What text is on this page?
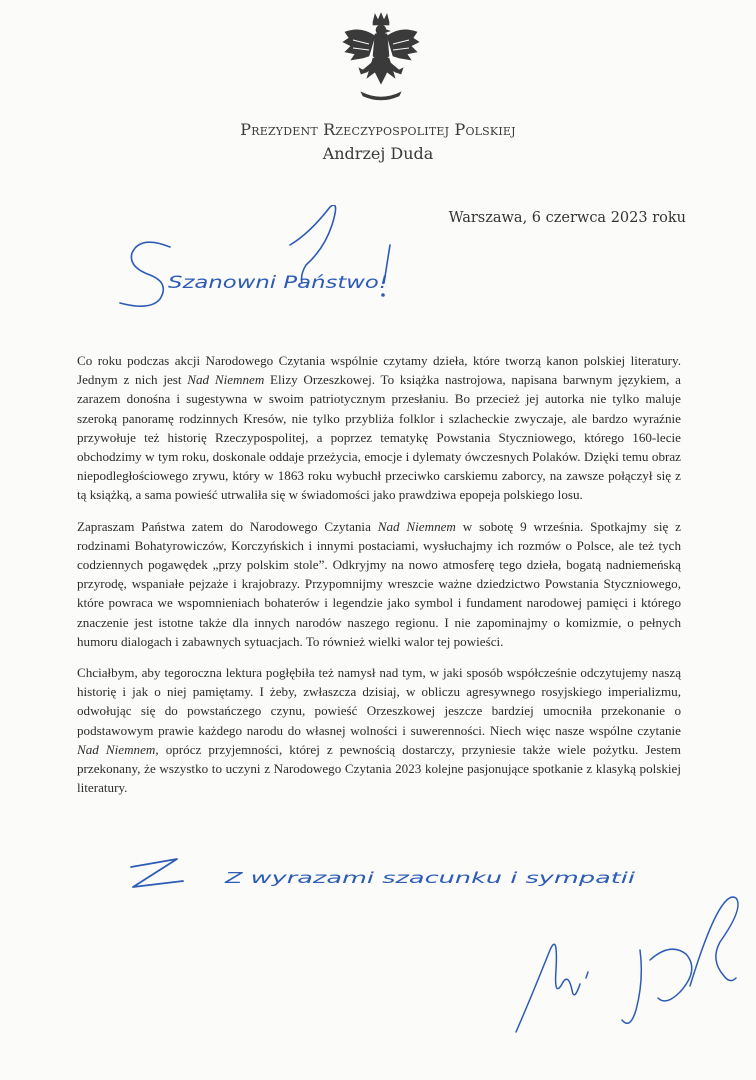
Prezydent Rzeczypospolitej Polskiej
Andrzej Duda
Warszawa, 6 czerwca 2023 roku
Szanowni Państwo!

Co roku podczas akcji Narodowego Czytania wspólnie czytamy dzieła, które tworzą kanon polskiej literatury. Jednym z nich jest Nad Niemnem Elizy Orzeszkowej. To książka nastrojowa, napisana barwnym językiem, a zarazem donośna i sugestywna w swoim patriotycznym przesłaniu. Bo przecież jej autorka nie tylko maluje szeroką panoramę rodzinnych Kresów, nie tylko przybliża folklor i szlacheckie zwyczaje, ale bardzo wyraźnie przywołuje też historię Rzeczypospolitej, a poprzez tematykę Powstania Styczniowego, którego 160-lecie obchodzimy w tym roku, doskonale oddaje przeżycia, emocje i dylematy ówczesnych Polaków. Dzięki temu obraz niepodległościowego zrywu, który w 1863 roku wybuchł przeciwko carskiemu zaborcy, na zawsze połączył się z tą książką, a sama powieść utrwaliła się w świadomości jako prawdziwa epopeja polskiego losu.

Zapraszam Państwa zatem do Narodowego Czytania Nad Niemnem w sobotę 9 września. Spotkajmy się z rodzinami Bohatyrowiczów, Korczyńskich i innymi postaciami, wysłuchajmy ich rozmów o Polsce, ale też tych codziennych pogawędek „przy polskim stole”. Odkryjmy na nowo atmosferę tego dzieła, bogatą nadniemeńską przyrodę, wspaniałe pejzaże i krajobrazy. Przypomnijmy wreszcie ważne dziedzictwo Powstania Styczniowego, które powraca we wspomnieniach bohaterów i legendzie jako symbol i fundament narodowej pamięci i którego znaczenie jest istotne także dla innych narodów naszego regionu. I nie zapominajmy o komizmie, o pełnych humoru dialogach i zabawnych sytuacjach. To również wielki walor tej powieści.

Chciałbym, aby tegoroczna lektura pogłębiła też namysł nad tym, w jaki sposób współcześnie odczytujemy naszą historię i jak o niej pamiętamy. I żeby, zwłaszcza dzisiaj, w obliczu agresywnego rosyjskiego imperializmu, odwołując się do powstańczego czynu, powieść Orzeszkowej jeszcze bardziej umocniła przekonanie o podstawowym prawie każdego narodu do własnej wolności i suwerenności. Niech więc nasze wspólne czytanie Nad Niemnem, oprócz przyjemności, której z pewnością dostarczy, przyniesie także wiele pożytku. Jestem przekonany, że wszystko to uczyni z Narodowego Czytania 2023 kolejne pasjonujące spotkanie z klasyką polskiej literatury.

Z wyrazami szacunku i sympatii
